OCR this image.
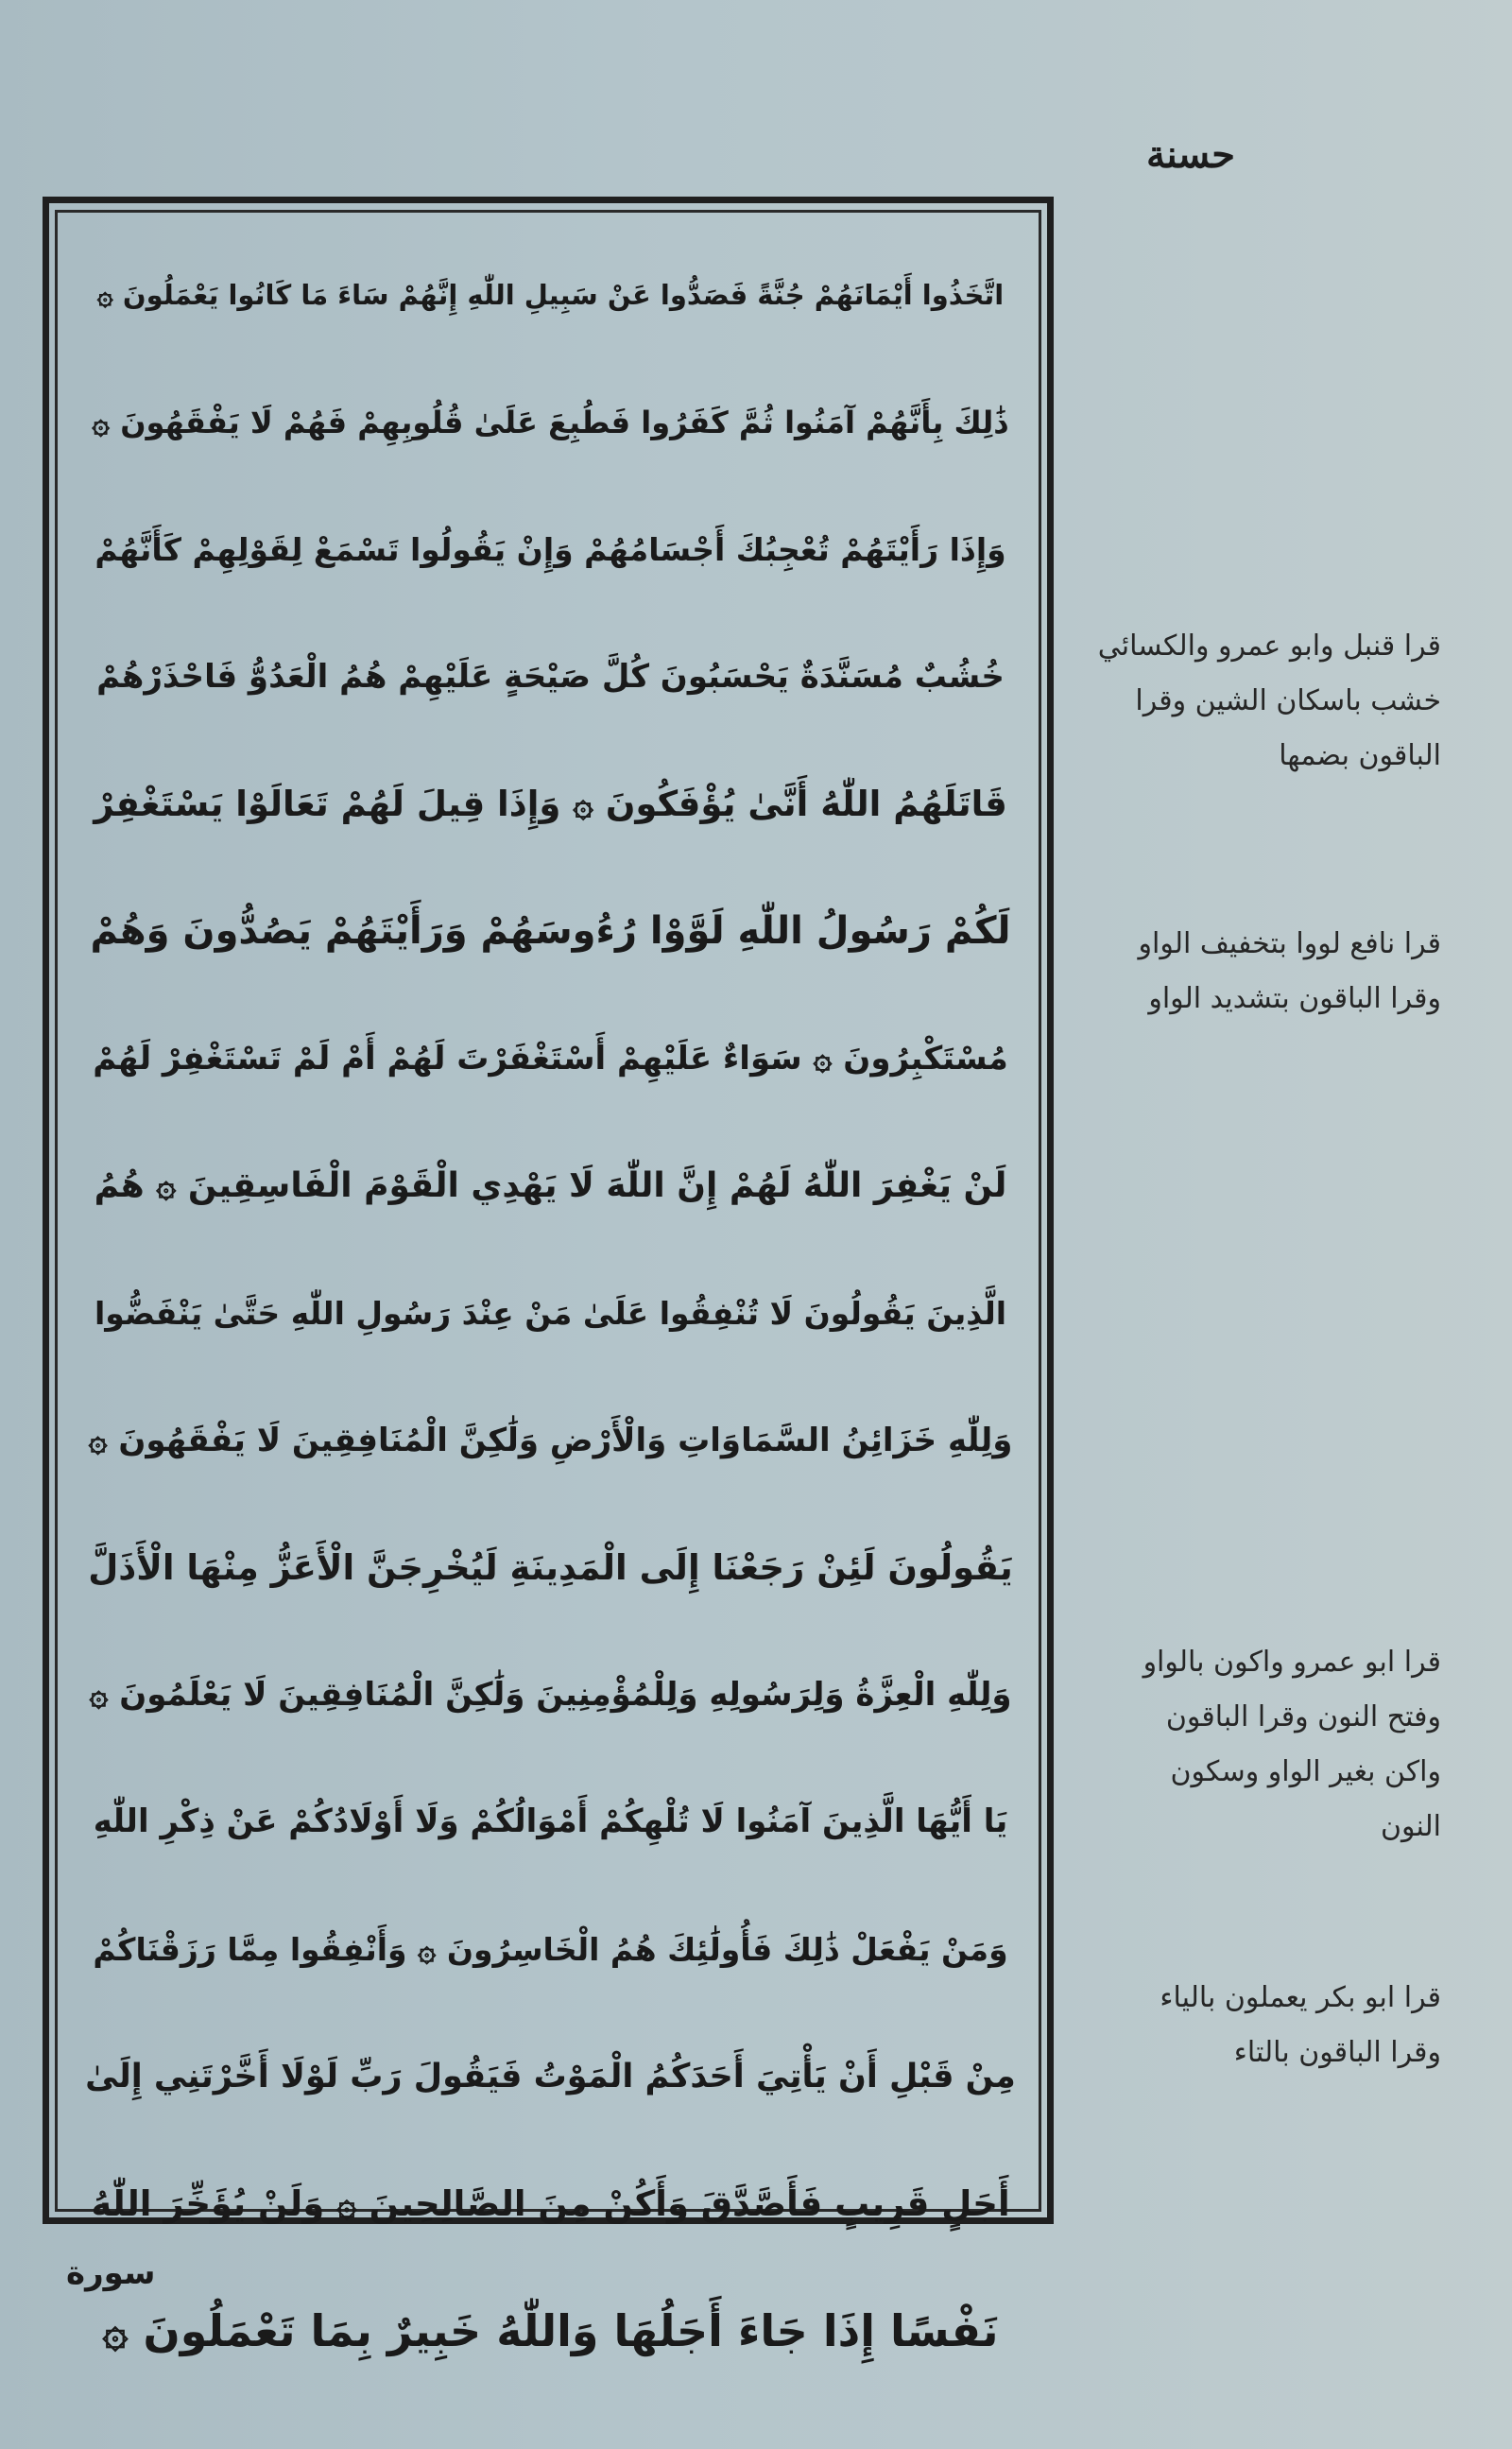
حسنة
اتَّخَذُوا أَيْمَانَهُمْ جُنَّةً فَصَدُّوا عَنْ سَبِيلِ اللّٰهِ إِنَّهُمْ سَاءَ مَا كَانُوا يَعْمَلُونَ ۞
ذَٰلِكَ بِأَنَّهُمْ آمَنُوا ثُمَّ كَفَرُوا فَطُبِعَ عَلَىٰ قُلُوبِهِمْ فَهُمْ لَا يَفْقَهُونَ ۞
وَإِذَا رَأَيْتَهُمْ تُعْجِبُكَ أَجْسَامُهُمْ وَإِنْ يَقُولُوا تَسْمَعْ لِقَوْلِهِمْ كَأَنَّهُمْ
خُشُبٌ مُسَنَّدَةٌ يَحْسَبُونَ كُلَّ صَيْحَةٍ عَلَيْهِمْ هُمُ الْعَدُوُّ فَاحْذَرْهُمْ
قَاتَلَهُمُ اللّٰهُ أَنَّىٰ يُؤْفَكُونَ ۞ وَإِذَا قِيلَ لَهُمْ تَعَالَوْا يَسْتَغْفِرْ
لَكُمْ رَسُولُ اللّٰهِ لَوَّوْا رُءُوسَهُمْ وَرَأَيْتَهُمْ يَصُدُّونَ وَهُمْ
مُسْتَكْبِرُونَ ۞ سَوَاءٌ عَلَيْهِمْ أَسْتَغْفَرْتَ لَهُمْ أَمْ لَمْ تَسْتَغْفِرْ لَهُمْ
لَنْ يَغْفِرَ اللّٰهُ لَهُمْ إِنَّ اللّٰهَ لَا يَهْدِي الْقَوْمَ الْفَاسِقِينَ ۞ هُمُ
الَّذِينَ يَقُولُونَ لَا تُنْفِقُوا عَلَىٰ مَنْ عِنْدَ رَسُولِ اللّٰهِ حَتَّىٰ يَنْفَضُّوا
وَلِلّٰهِ خَزَائِنُ السَّمَاوَاتِ وَالْأَرْضِ وَلَٰكِنَّ الْمُنَافِقِينَ لَا يَفْقَهُونَ ۞
يَقُولُونَ لَئِنْ رَجَعْنَا إِلَى الْمَدِينَةِ لَيُخْرِجَنَّ الْأَعَزُّ مِنْهَا الْأَذَلَّ
وَلِلّٰهِ الْعِزَّةُ وَلِرَسُولِهِ وَلِلْمُؤْمِنِينَ وَلَٰكِنَّ الْمُنَافِقِينَ لَا يَعْلَمُونَ ۞
يَا أَيُّهَا الَّذِينَ آمَنُوا لَا تُلْهِكُمْ أَمْوَالُكُمْ وَلَا أَوْلَادُكُمْ عَنْ ذِكْرِ اللّٰهِ
وَمَنْ يَفْعَلْ ذَٰلِكَ فَأُولَٰئِكَ هُمُ الْخَاسِرُونَ ۞ وَأَنْفِقُوا مِمَّا رَزَقْنَاكُمْ
مِنْ قَبْلِ أَنْ يَأْتِيَ أَحَدَكُمُ الْمَوْتُ فَيَقُولَ رَبِّ لَوْلَا أَخَّرْتَنِي إِلَىٰ
أَجَلٍ قَرِيبٍ فَأَصَّدَّقَ وَأَكُنْ مِنَ الصَّالِحِينَ ۞ وَلَنْ يُؤَخِّرَ اللّٰهُ
نَفْسًا إِذَا جَاءَ أَجَلُهَا وَاللّٰهُ خَبِيرٌ بِمَا تَعْمَلُونَ ۞
قرا قنبل وابو عمرو والكسائي
خشب باسكان الشين وقرا
الباقون بضمها
قرا نافع لووا بتخفيف الواو
وقرا الباقون بتشديد الواو
قرا ابو عمرو واكون بالواو
وفتح النون وقرا الباقون
واكن بغير الواو وسكون
النون
قرا ابو بكر يعملون بالياء
وقرا الباقون بالتاء
سورة
